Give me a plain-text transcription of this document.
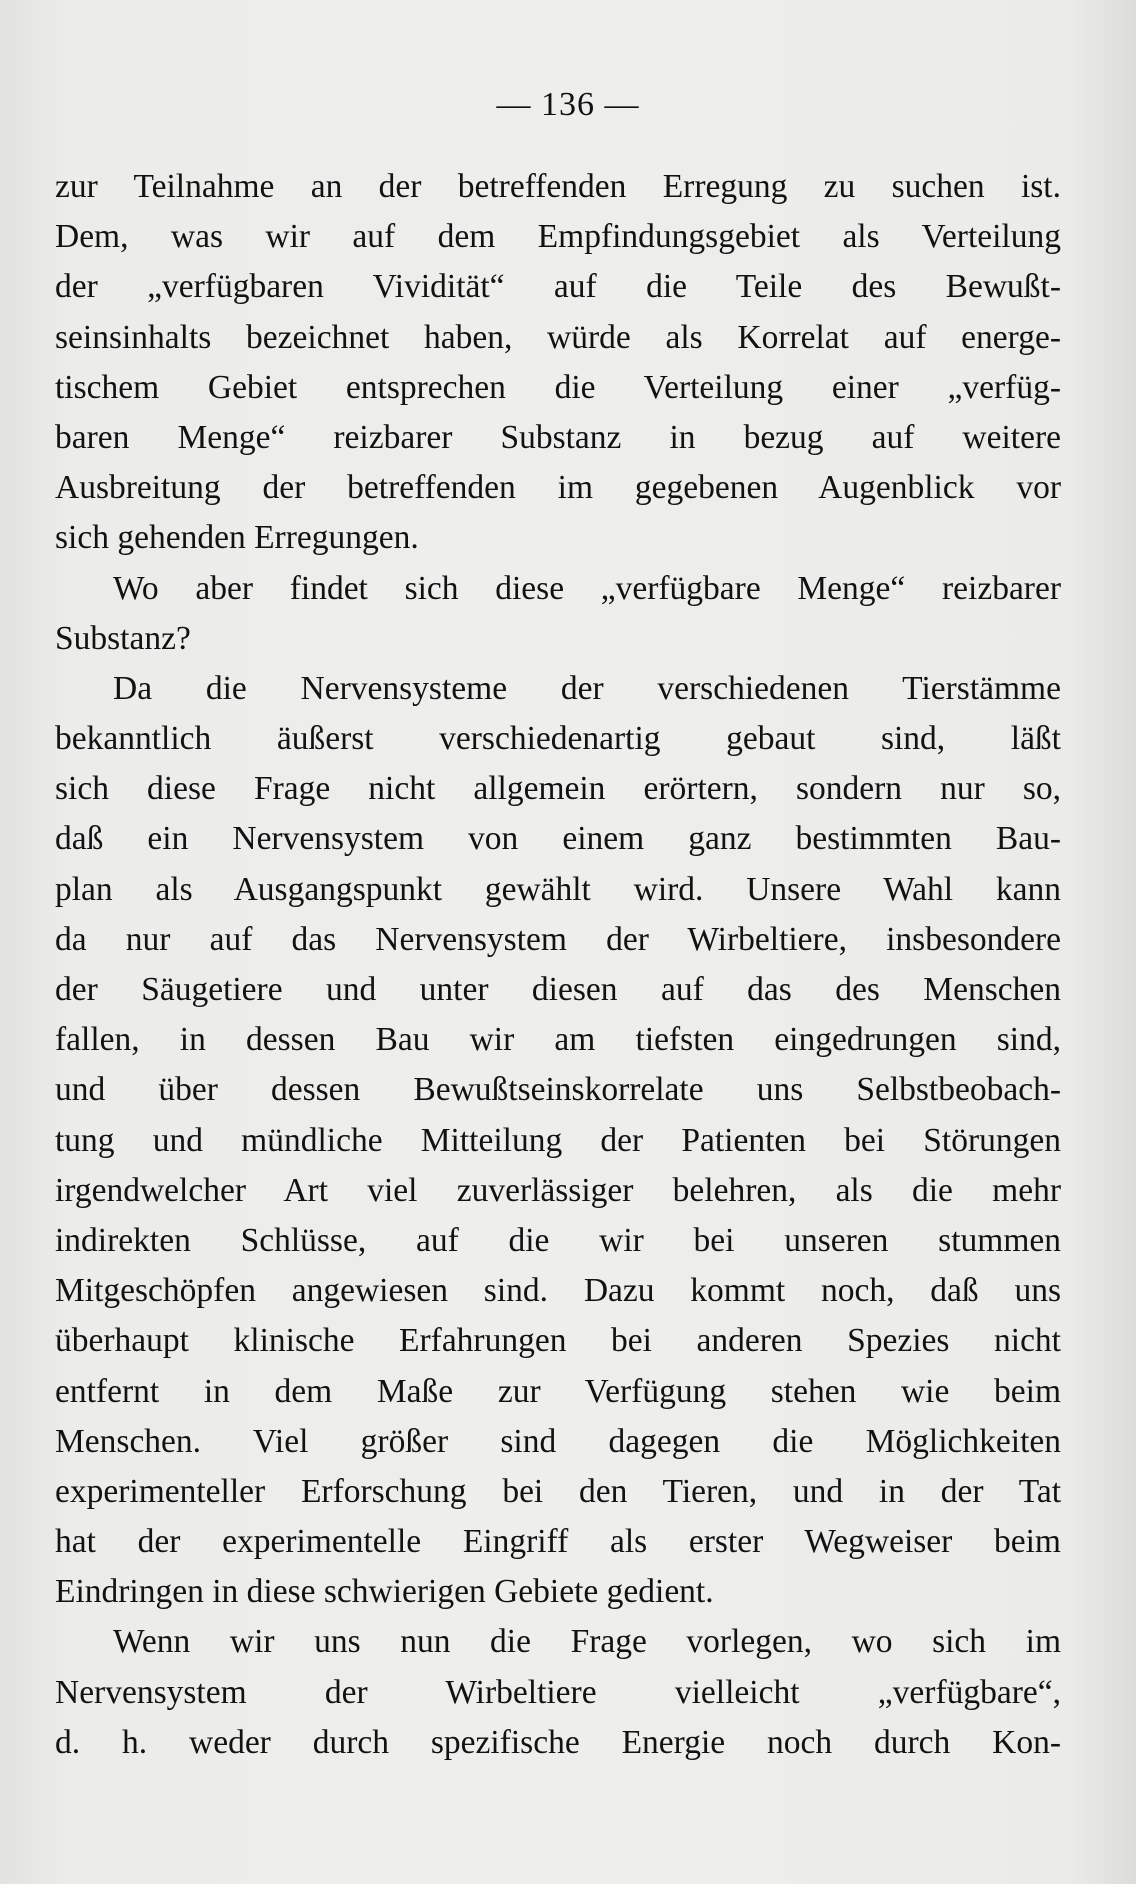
— 136 —
zur Teilnahme an der betreffenden Erregung zu suchen ist.
Dem, was wir auf dem Empfindungsgebiet als Verteilung
der „verfügbaren Vividität“ auf die Teile des Bewußt-
seinsinhalts bezeichnet haben, würde als Korrelat auf energe-
tischem Gebiet entsprechen die Verteilung einer „verfüg-
baren Menge“ reizbarer Substanz in bezug auf weitere
Ausbreitung der betreffenden im gegebenen Augenblick vor
sich gehenden Erregungen.
Wo aber findet sich diese „verfügbare Menge“ reizbarer
Substanz?
Da die Nervensysteme der verschiedenen Tierstämme
bekanntlich äußerst verschiedenartig gebaut sind, läßt
sich diese Frage nicht allgemein erörtern, sondern nur so,
daß ein Nervensystem von einem ganz bestimmten Bau-
plan als Ausgangspunkt gewählt wird. Unsere Wahl kann
da nur auf das Nervensystem der Wirbeltiere, insbesondere
der Säugetiere und unter diesen auf das des Menschen
fallen, in dessen Bau wir am tiefsten eingedrungen sind,
und über dessen Bewußtseinskorrelate uns Selbstbeobach-
tung und mündliche Mitteilung der Patienten bei Störungen
irgendwelcher Art viel zuverlässiger belehren, als die mehr
indirekten Schlüsse, auf die wir bei unseren stummen
Mitgeschöpfen angewiesen sind. Dazu kommt noch, daß uns
überhaupt klinische Erfahrungen bei anderen Spezies nicht
entfernt in dem Maße zur Verfügung stehen wie beim
Menschen. Viel größer sind dagegen die Möglichkeiten
experimenteller Erforschung bei den Tieren, und in der Tat
hat der experimentelle Eingriff als erster Wegweiser beim
Eindringen in diese schwierigen Gebiete gedient.
Wenn wir uns nun die Frage vorlegen, wo sich im
Nervensystem der Wirbeltiere vielleicht „verfügbare“,
d. h. weder durch spezifische Energie noch durch Kon-
